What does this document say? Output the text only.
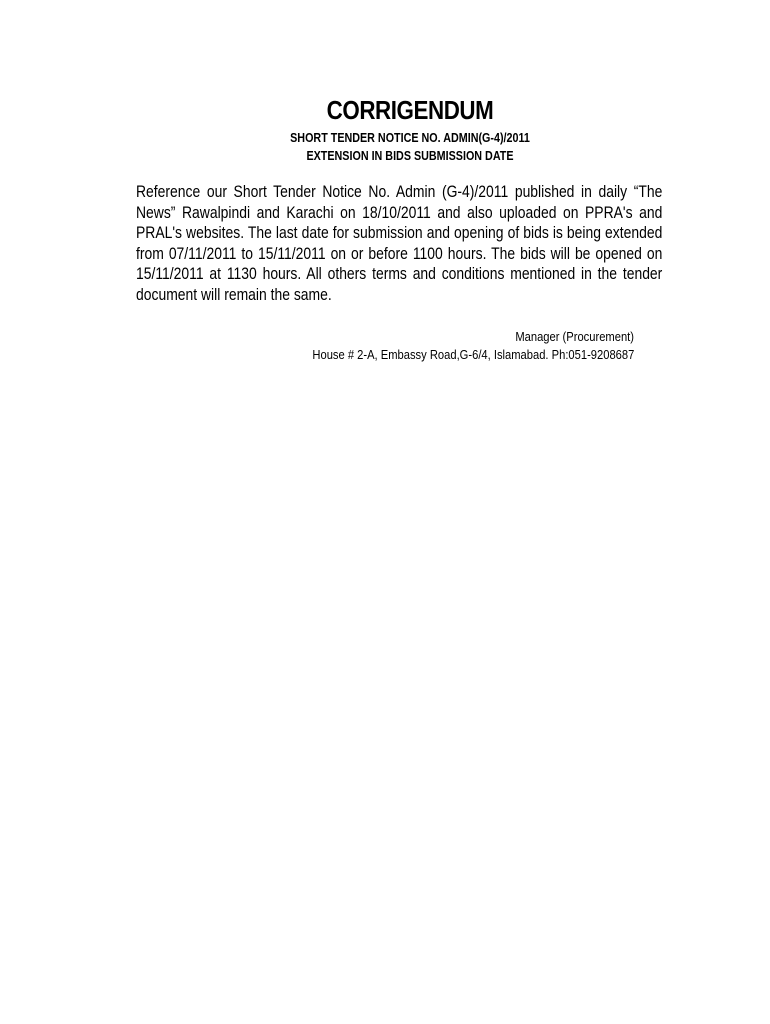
CORRIGENDUM
SHORT TENDER NOTICE NO. ADMIN(G-4)/2011
EXTENSION IN BIDS SUBMISSION DATE
Reference our Short Tender Notice No. Admin (G-4)/2011 published in daily “The News” Rawalpindi and Karachi on 18/10/2011 and also uploaded on PPRA's and PRAL's websites. The last date for submission and opening of bids is being extended from 07/11/2011 to 15/11/2011 on or before 1100 hours. The bids will be opened on 15/11/2011 at 1130 hours. All others terms and conditions mentioned in the tender document will remain the same.
Manager (Procurement)
House # 2-A, Embassy Road,G-6/4, Islamabad. Ph:051-9208687
